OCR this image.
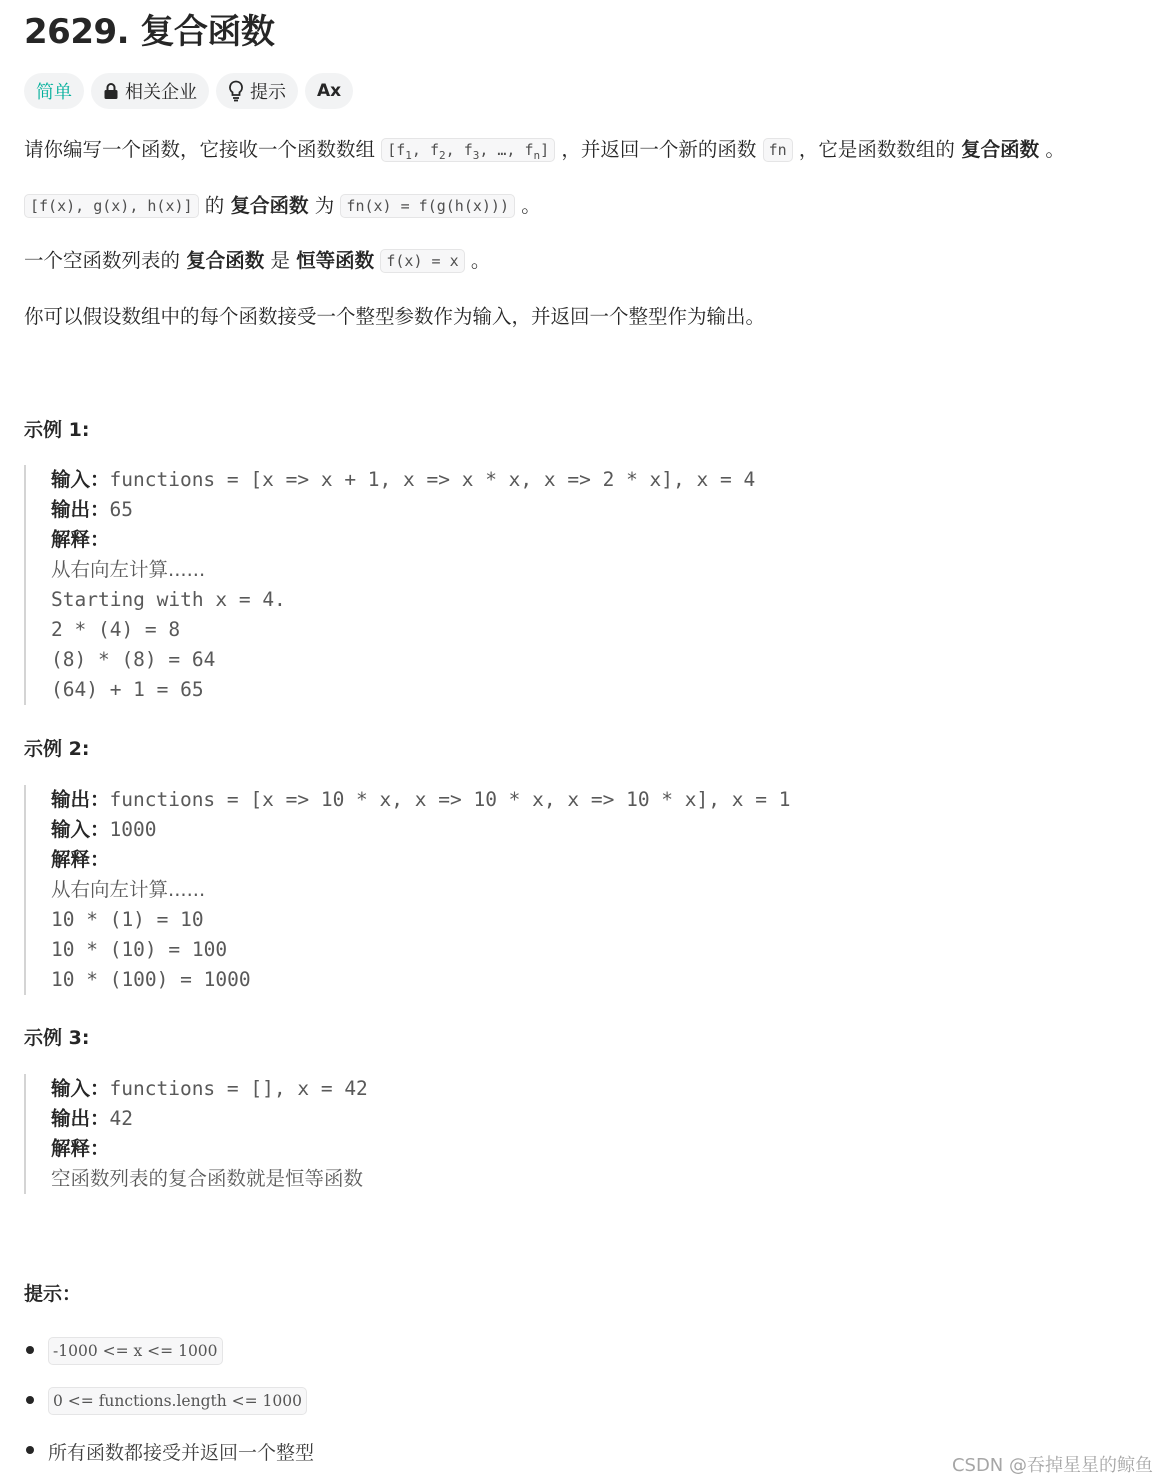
2629. 复合函数
简单	相关企业	提示 Ax
请你编写一个函数，它接收一个函数数组 [$f_1$, $f_2$, $f_3$, …, $f_n$] ，并返回一个新的函数 fn ，它是函数数组的 复合函数 。
[f(x), g(x), h(x)] 的 复合函数 为 fn(x) = f(g(h(x))) 。
一个空函数列表的 复合函数 是 恒等函数 f(x) = x 。
你可以假设数组中的每个函数接受一个整型参数作为输入，并返回一个整型作为输出。
示例 1:
输入：functions = [x => x + 1, x => x * x, x => 2 * x], x = 4
输出：65
解释：
从右向左计算......
Starting with x = 4.
2 * (4) = 8
(8) * (8) = 64
(64) + 1 = 65
示例 2:
输出：functions = [x => 10 * x, x => 10 * x, x => 10 * x], x = 1
输入：1000
解释：
从右向左计算......
10 * (1) = 10
10 * (10) = 100
10 * (100) = 1000
示例 3:
输入：functions = [], x = 42
输出：42
解释：
空函数列表的复合函数就是恒等函数
提示：
-1000 <= x <= 1000
0 <= functions.length <= 1000
所有函数都接受并返回一个整型
CSDN @吞掉星星的鲸鱼
